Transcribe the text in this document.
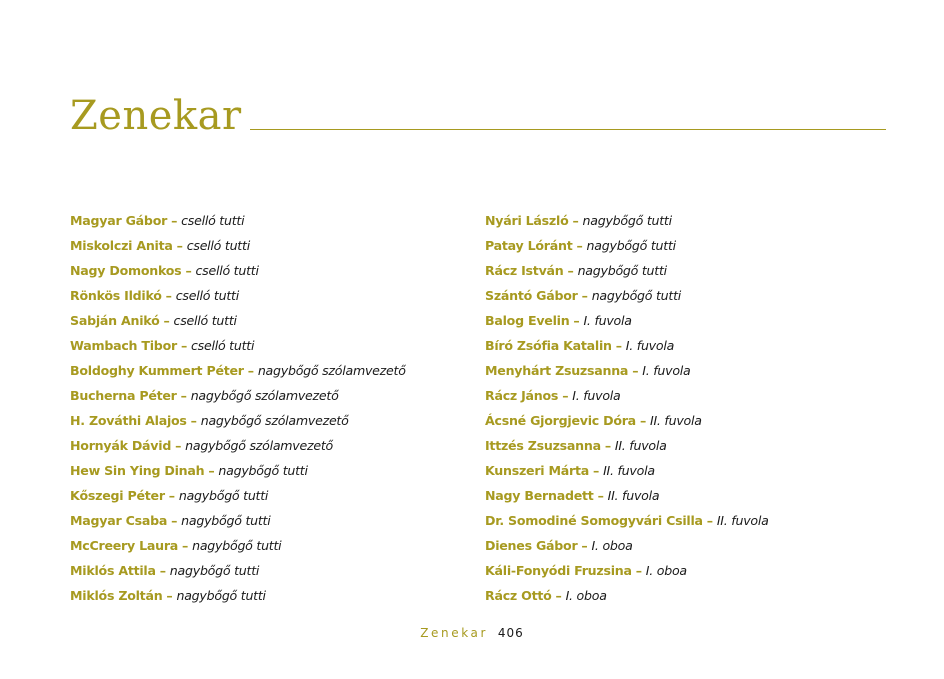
Zenekar
Magyar Gábor – cselló tutti
Miskolczi Anita – cselló tutti
Nagy Domonkos – cselló tutti
Rönkös Ildikó – cselló tutti
Sabján Anikó – cselló tutti
Wambach Tibor – cselló tutti
Boldoghy Kummert Péter – nagybőgő szólamvezető
Bucherna Péter – nagybőgő szólamvezető
H. Zováthi Alajos – nagybőgő szólamvezető
Hornyák Dávid – nagybőgő szólamvezető
Hew Sin Ying Dinah – nagybőgő tutti
Kőszegi Péter – nagybőgő tutti
Magyar Csaba – nagybőgő tutti
McCreery Laura – nagybőgő tutti
Miklós Attila – nagybőgő tutti
Miklós Zoltán – nagybőgő tutti
Nyári László – nagybőgő tutti
Patay Lóránt – nagybőgő tutti
Rácz István – nagybőgő tutti
Szántó Gábor – nagybőgő tutti
Balog Evelin – I. fuvola
Bíró Zsófia Katalin – I. fuvola
Menyhárt Zsuzsanna – I. fuvola
Rácz János – I. fuvola
Ácsné Gjorgjevic Dóra – II. fuvola
Ittzés Zsuzsanna – II. fuvola
Kunszeri Márta – II. fuvola
Nagy Bernadett – II. fuvola
Dr. Somodiné Somogyvári Csilla – II. fuvola
Dienes Gábor – I. oboa
Káli-Fonyódi Fruzsina – I. oboa
Rácz Ottó – I. oboa
Zenekar 406
